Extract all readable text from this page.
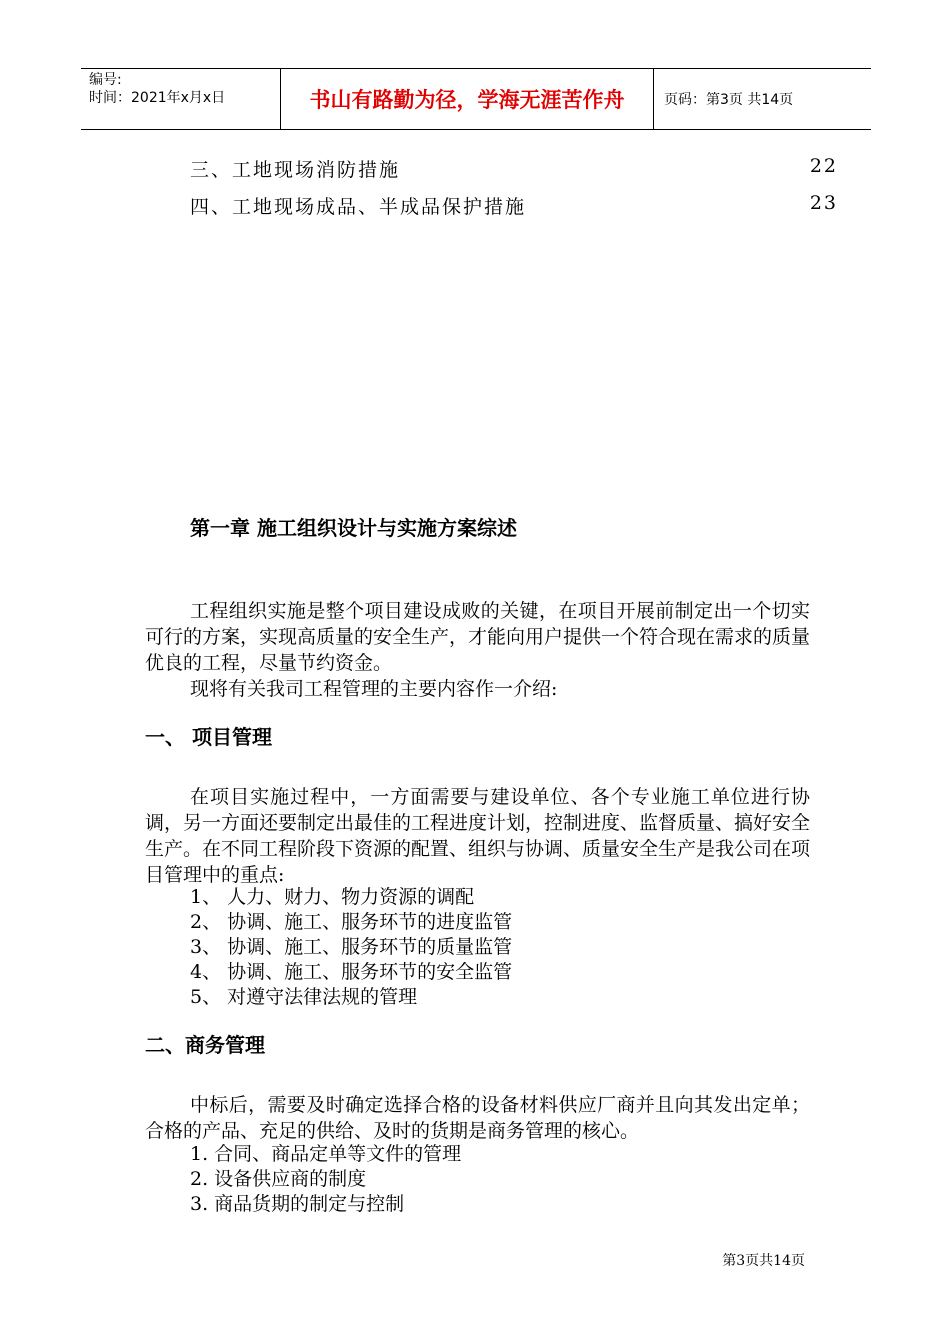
编号:
时间：2021年x月x日	书山有路勤为径，学海无涯苦作舟	页码：第3页 共14页
三、工地现场消防措施	22
四、工地现场成品、半成品保护措施	23
第一章 施工组织设计与实施方案综述
工程组织实施是整个项目建设成败的关键，在项目开展前制定出一个切实可行的方案，实现高质量的安全生产，才能向用户提供一个符合现在需求的质量优良的工程，尽量节约资金。
现将有关我司工程管理的主要内容作一介绍:
一、 项目管理
在项目实施过程中，一方面需要与建设单位、各个专业施工单位进行协调，另一方面还要制定出最佳的工程进度计划，控制进度、监督质量、搞好安全生产。在不同工程阶段下资源的配置、组织与协调、质量安全生产是我公司在项目管理中的重点:
1、 人力、财力、物力资源的调配
2、 协调、施工、服务环节的进度监管
3、 协调、施工、服务环节的质量监管
4、 协调、施工、服务环节的安全监管
5、 对遵守法律法规的管理
二、商务管理
中标后，需要及时确定选择合格的设备材料供应厂商并且向其发出定单；合格的产品、充足的供给、及时的货期是商务管理的核心。
1. 合同、商品定单等文件的管理
2. 设备供应商的制度
3. 商品货期的制定与控制
第3页共14页
